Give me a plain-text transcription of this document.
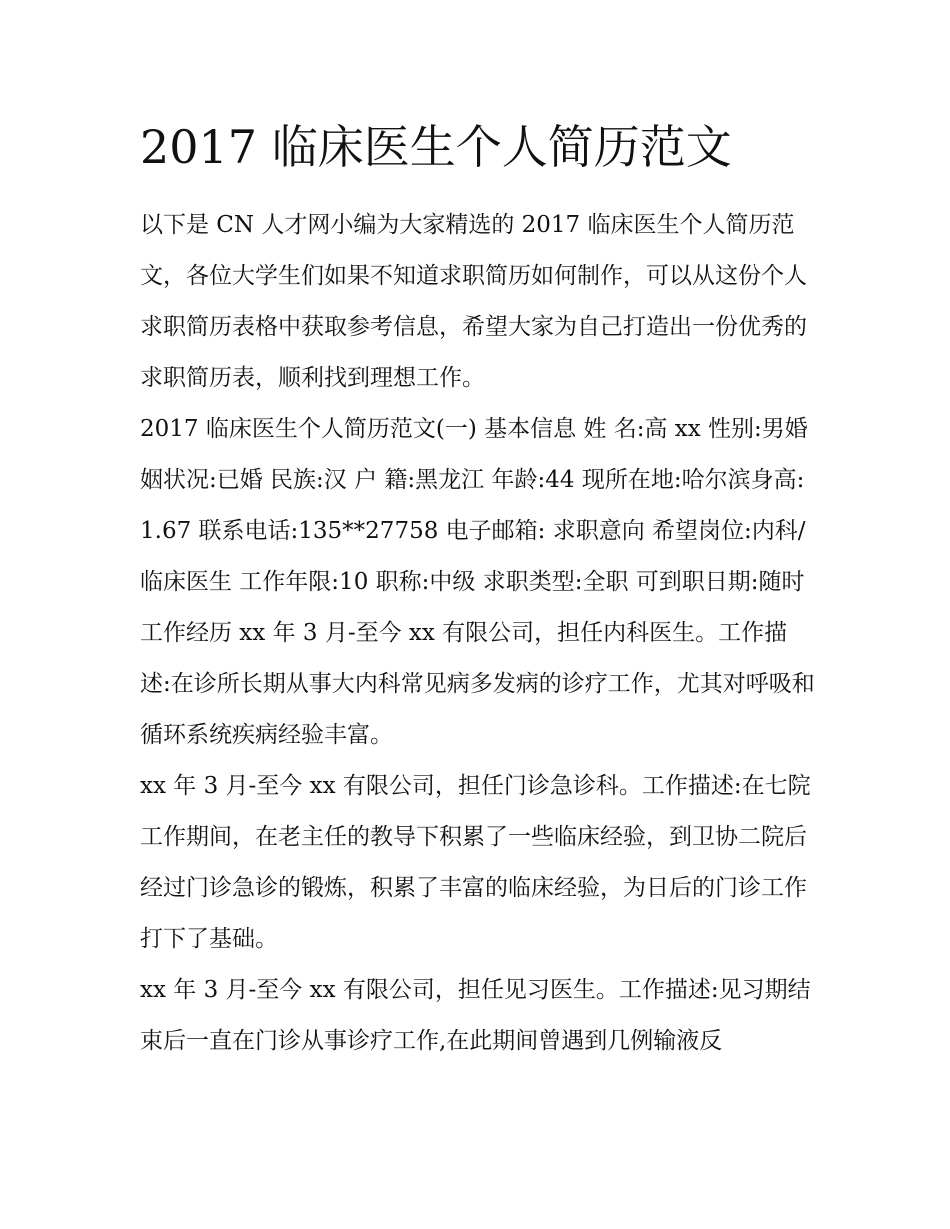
2017 临床医生个人简历范文

以下是 CN 人才网小编为大家精选的 2017 临床医生个人简历范文，各位大学生们如果不知道求职简历如何制作，可以从这份个人求职简历表格中获取参考信息，希望大家为自己打造出一份优秀的求职简历表，顺利找到理想工作。

2017 临床医生个人简历范文(一) 基本信息 姓 名:高 xx 性别:男婚姻状况:已婚 民族:汉 户 籍:黑龙江 年龄:44 现所在地:哈尔滨身高:1.67 联系电话:135**27758 电子邮箱: 求职意向 希望岗位:内科/临床医生 工作年限:10 职称:中级 求职类型:全职 可到职日期:随时

工作经历 xx 年 3 月-至今 xx 有限公司，担任内科医生。工作描述:在诊所长期从事大内科常见病多发病的诊疗工作，尤其对呼吸和循环系统疾病经验丰富。

xx 年 3 月-至今 xx 有限公司，担任门诊急诊科。工作描述:在七院工作期间，在老主任的教导下积累了一些临床经验，到卫协二院后经过门诊急诊的锻炼，积累了丰富的临床经验，为日后的门诊工作打下了基础。

xx 年 3 月-至今 xx 有限公司，担任见习医生。工作描述:见习期结束后一直在门诊从事诊疗工作,在此期间曾遇到几例输液反
